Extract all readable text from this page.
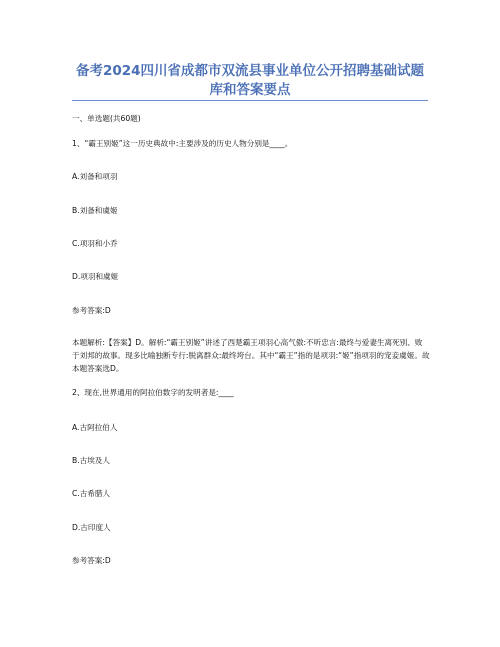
备考2024四川省成都市双流县事业单位公开招聘基础试题
库和答案要点
一、单选题(共60题)
1、“霸王别姬”这一历史典故中:主要涉及的历史人物分别是____。
A.刘备和项羽
B.刘备和虞姬
C.项羽和小乔
D.项羽和虞姬
参考答案:D
本题解析:【答案】D。解析:“霸王别姬”讲述了西楚霸王项羽心高气傲:不听忠言:最终与爱妻生离死别、败于刘邦的故事。现多比喻独断专行:脱离群众:最终垮台。其中“霸王”指的是项羽:“姬”指项羽的宠妾虞姬。故本题答案选D。
2、现在,世界通用的阿拉伯数字的发明者是:____
A.古阿拉伯人
B.古埃及人
C.古希腊人
D.古印度人
参考答案:D
